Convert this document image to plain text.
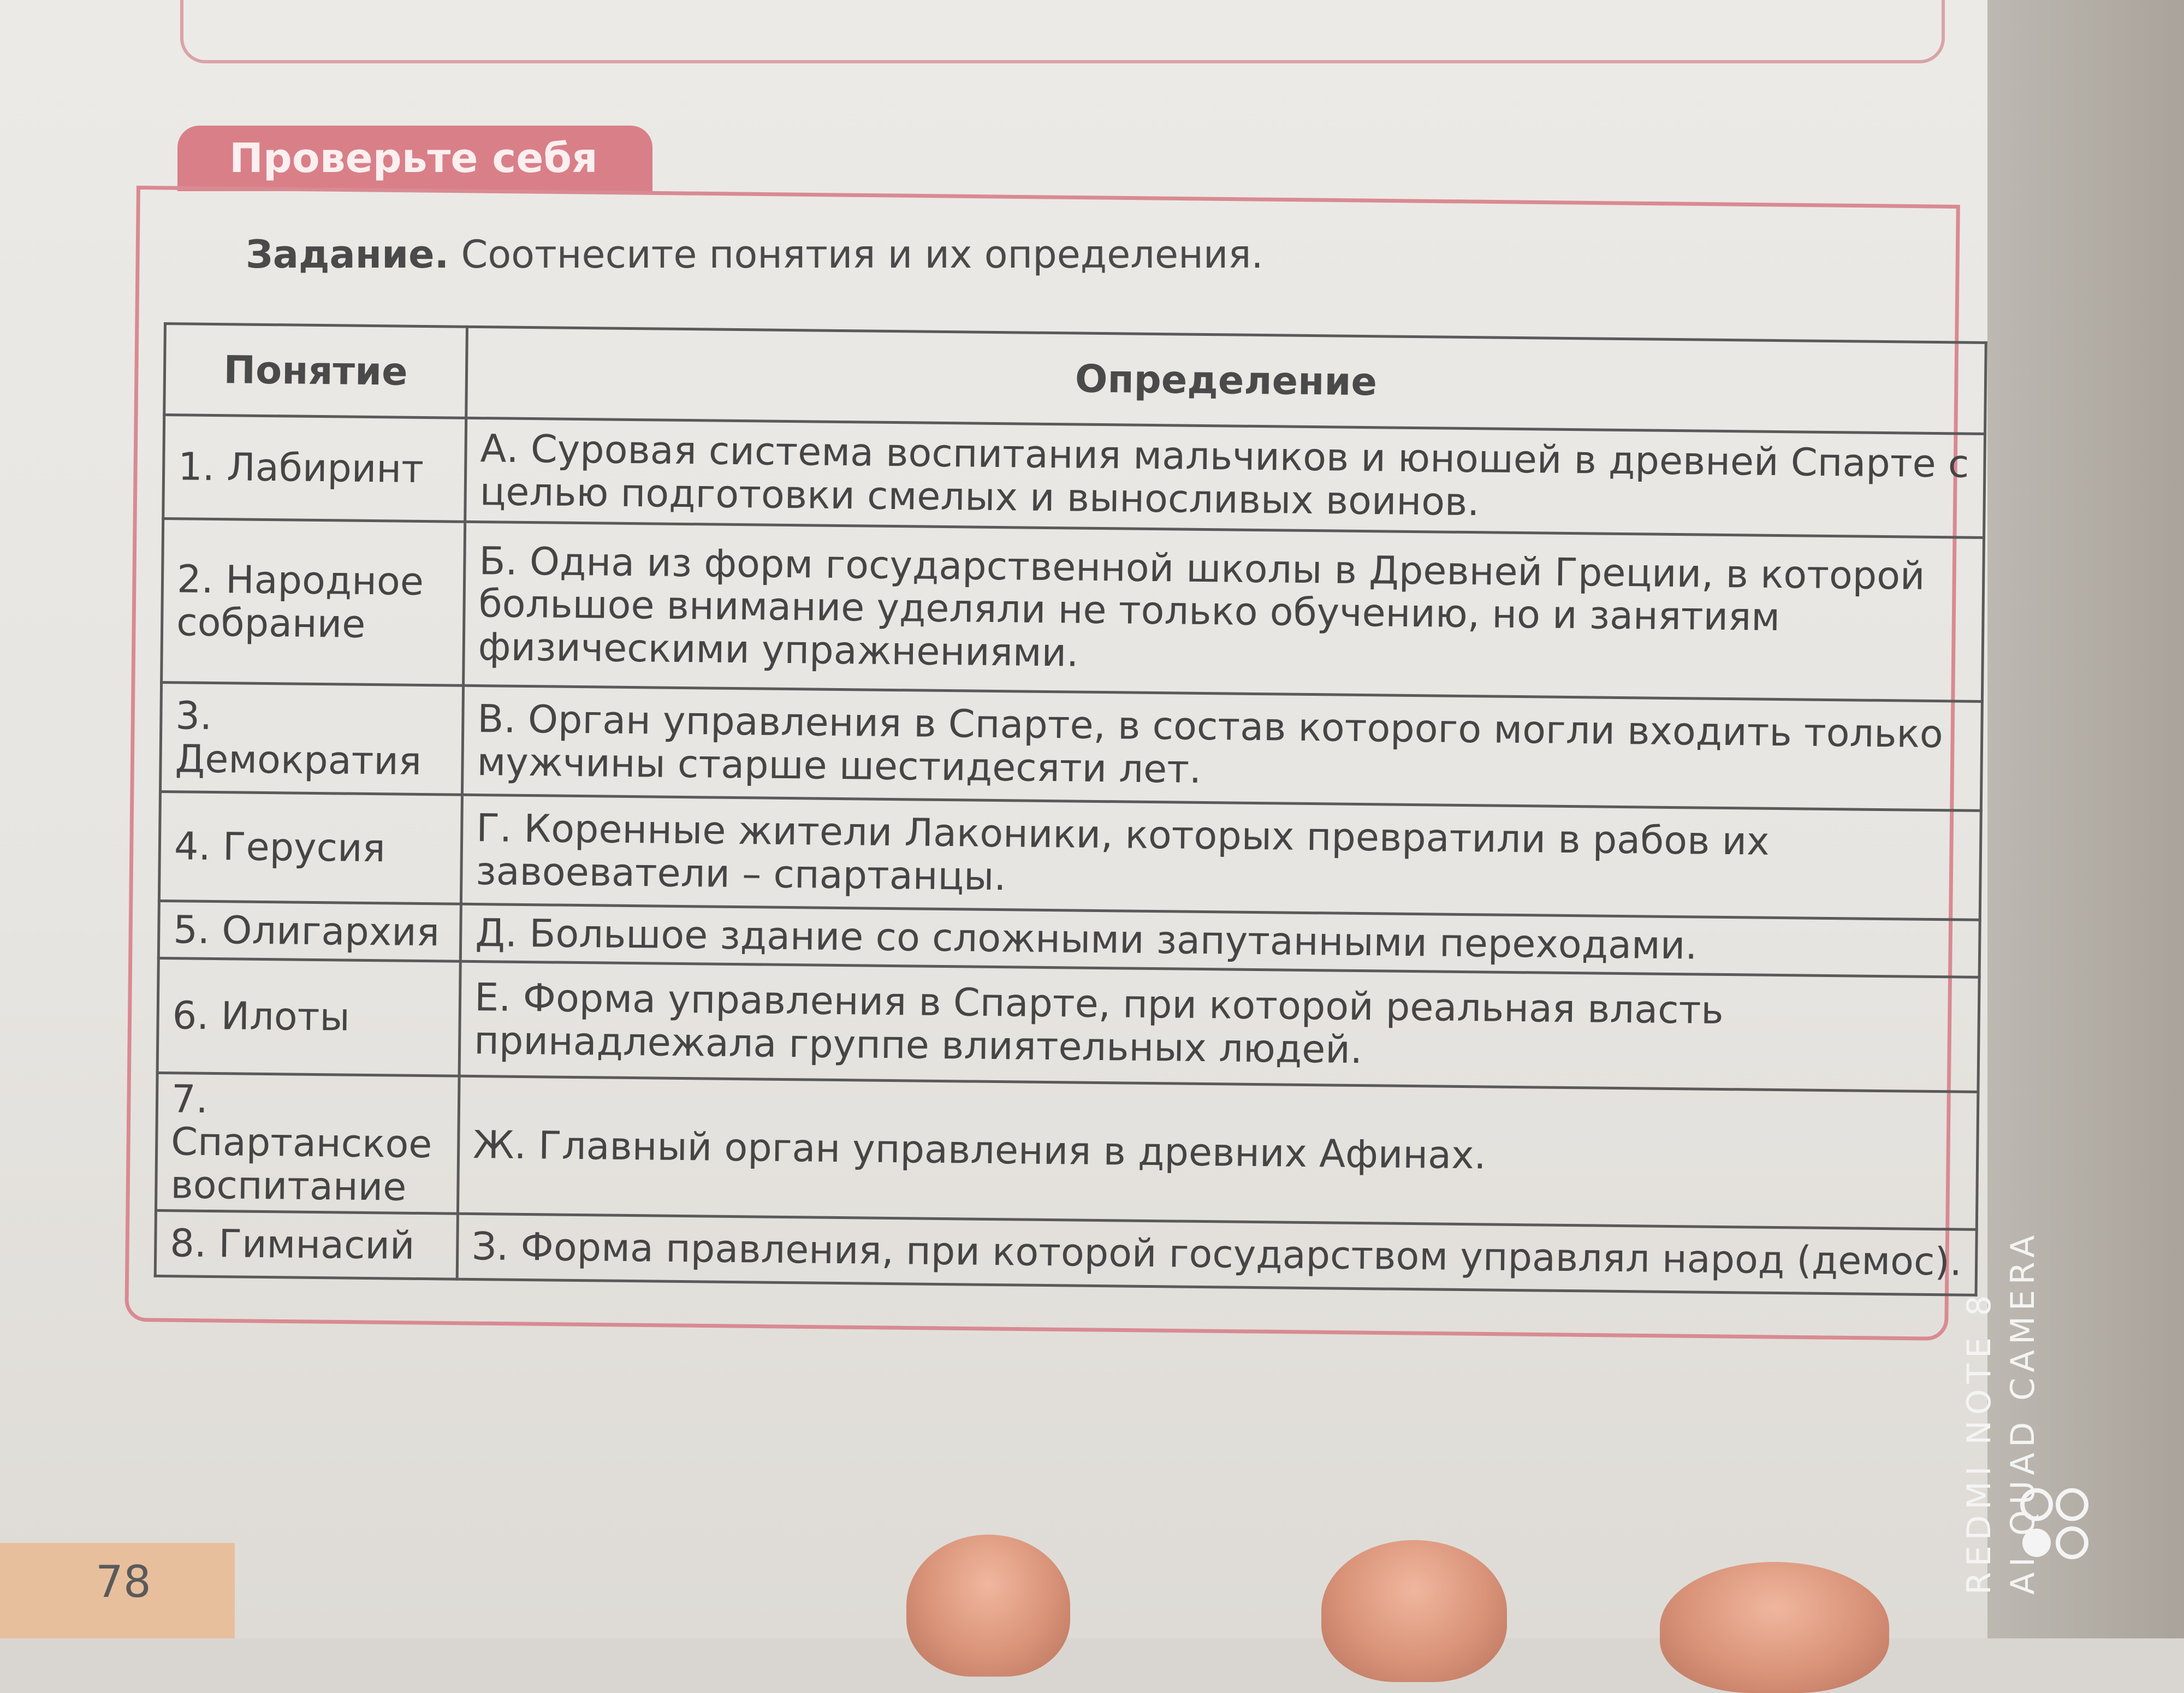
Проверьте себя
Задание. Соотнесите понятия и их определения.
Понятие	Определение
1. Лабиринт	А. Суровая система воспитания мальчиков и юношей в древней Спарте с целью подготовки смелых и выносливых воинов.
2. Народное собрание	Б. Одна из форм государственной школы в Древней Греции, в которой большое внимание уделяли не только обучению, но и занятиям физическими упражнениями.
3. Демократия	В. Орган управления в Спарте, в состав которого могли входить только мужчины старше шестидесяти лет.
4. Герусия	Г. Коренные жители Лаконики, которых превратили в рабов их завоеватели – спартанцы.
5. Олигархия	Д. Большое здание со сложными запутанными переходами.
6. Илоты	Е. Форма управления в Спарте, при которой реальная власть принадлежала группе влиятельных людей.
7. Спартанское воспитание	Ж. Главный орган управления в древних Афинах.
8. Гимнасий	З. Форма правления, при которой государством управлял народ (демос).
78	REDMI NOTE 8 AI QUAD CAMERA
